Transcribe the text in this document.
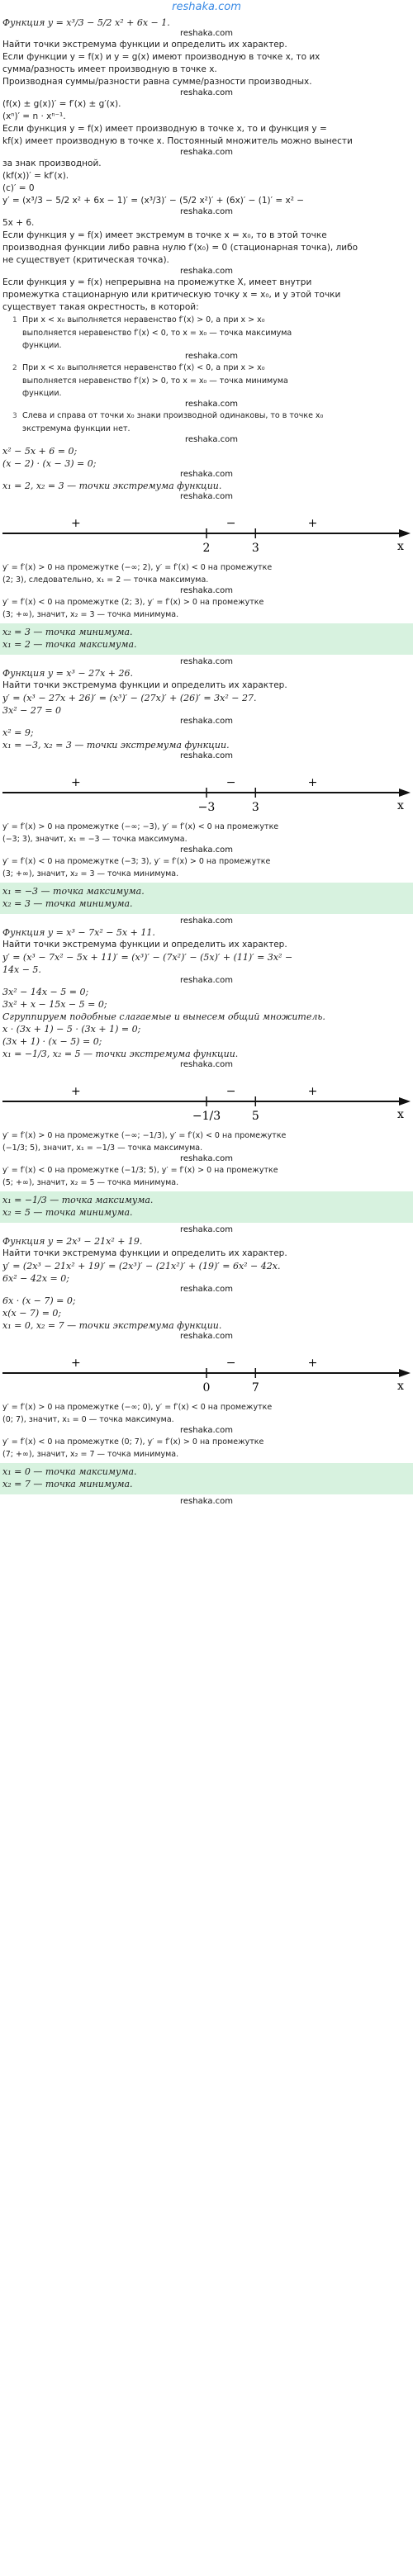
reshaka.com
Функция y = x³/3 − 5/2 x² + 6x − 1.
reshaka.com
Найти точки экстремума функции и определить их характер.
Если функции y = f(x) и y = g(x) имеют производную в точке x, то их
сумма/разность имеет производную в точке x.
Производная суммы/разности равна сумме/разности производных.
reshaka.com
(f(x) ± g(x))′ = f′(x) ± g′(x).
(xⁿ)′ = n · xⁿ⁻¹.
Если функция y = f(x) имеет производную в точке x, то и функция y =
kf(x) имеет производную в точке x. Постоянный множитель можно вынести
reshaka.com
за знак производной.
(kf(x))′ = kf′(x).
(c)′ = 0
y′ = (x³/3 − 5/2 x² + 6x − 1)′ = (x³/3)′ − (5/2 x²)′ + (6x)′ − (1)′ = x² −
reshaka.com
5x + 6.
Если функция y = f(x) имеет экстремум в точке x = x₀, то в этой точке
производная функции либо равна нулю f′(x₀) = 0 (стационарная точка), либо
не существует (критическая точка).
reshaka.com
Если функция y = f(x) непрерывна на промежутке X, имеет внутри
промежутка стационарную или критическую точку x = x₀, и у этой точки
существует такая окрестность, в которой:
1 При x < x₀ выполняется неравенство f′(x) > 0, а при x > x₀
выполняется неравенство f′(x) < 0, то x = x₀ — точка максимума
функции.
reshaka.com
2 При x < x₀ выполняется неравенство f′(x) < 0, а при x > x₀
выполняется неравенство f′(x) > 0, то x = x₀ — точка минимума
функции.
reshaka.com
3 Слева и справа от точки x₀ знаки производной одинаковы, то в точке x₀
экстремума функции нет.
reshaka.com
x² − 5x + 6 = 0;
(x − 2) · (x − 3) = 0;
reshaka.com
x₁ = 2, x₂ = 3 — точки экстремума функции.
reshaka.com
2	3
+	−	+
x
y′ = f′(x) > 0 на промежутке (−∞; 2), y′ = f′(x) < 0 на промежутке
(2; 3), следовательно, x₁ = 2 — точка максимума.
reshaka.com
y′ = f′(x) < 0 на промежутке (2; 3), y′ = f′(x) > 0 на промежутке
(3; +∞), значит, x₂ = 3 — точка минимума.
x₂ = 3 — точка минимума.
x₁ = 2 — точка максимума.
reshaka.com
Функция y = x³ − 27x + 26.
Найти точки экстремума функции и определить их характер.
y′ = (x³ − 27x + 26)′ = (x³)′ − (27x)′ + (26)′ = 3x² − 27.
3x² − 27 = 0
reshaka.com
x² = 9;
x₁ = −3, x₂ = 3 — точки экстремума функции.
reshaka.com
−3	3
+	−	+
x
y′ = f′(x) > 0 на промежутке (−∞; −3), y′ = f′(x) < 0 на промежутке
(−3; 3), значит, x₁ = −3 — точка максимума.
reshaka.com
y′ = f′(x) < 0 на промежутке (−3; 3), y′ = f′(x) > 0 на промежутке
(3; +∞), значит, x₂ = 3 — точка минимума.
x₁ = −3 — точка максимума.
x₂ = 3 — точка минимума.
reshaka.com
Функция y = x³ − 7x² − 5x + 11.
Найти точки экстремума функции и определить их характер.
y′ = (x³ − 7x² − 5x + 11)′ = (x³)′ − (7x²)′ − (5x)′ + (11)′ = 3x² −
14x − 5.
reshaka.com
3x² − 14x − 5 = 0;
3x² + x − 15x − 5 = 0;
Сгруппируем подобные слагаемые и вынесем общий множитель.
x · (3x + 1) − 5 · (3x + 1) = 0;
(3x + 1) · (x − 5) = 0;
x₁ = −1/3, x₂ = 5 — точки экстремума функции.
reshaka.com
−1/3	5
+	−	+
x
y′ = f′(x) > 0 на промежутке (−∞; −1/3), y′ = f′(x) < 0 на промежутке
(−1/3; 5), значит, x₁ = −1/3 — точка максимума.
reshaka.com
y′ = f′(x) < 0 на промежутке (−1/3; 5), y′ = f′(x) > 0 на промежутке
(5; +∞), значит, x₂ = 5 — точка минимума.
x₁ = −1/3 — точка максимума.
x₂ = 5 — точка минимума.
reshaka.com
Функция y = 2x³ − 21x² + 19.
Найти точки экстремума функции и определить их характер.
y′ = (2x³ − 21x² + 19)′ = (2x³)′ − (21x²)′ + (19)′ = 6x² − 42x.
6x² − 42x = 0;
reshaka.com
6x · (x − 7) = 0;
x(x − 7) = 0;
x₁ = 0, x₂ = 7 — точки экстремума функции.
reshaka.com
0	7
+	−	+
x
y′ = f′(x) > 0 на промежутке (−∞; 0), y′ = f′(x) < 0 на промежутке
(0; 7), значит, x₁ = 0 — точка максимума.
reshaka.com
y′ = f′(x) < 0 на промежутке (0; 7), y′ = f′(x) > 0 на промежутке
(7; +∞), значит, x₂ = 7 — точка минимума.
x₁ = 0 — точка максимума.
x₂ = 7 — точка минимума.
reshaka.com
